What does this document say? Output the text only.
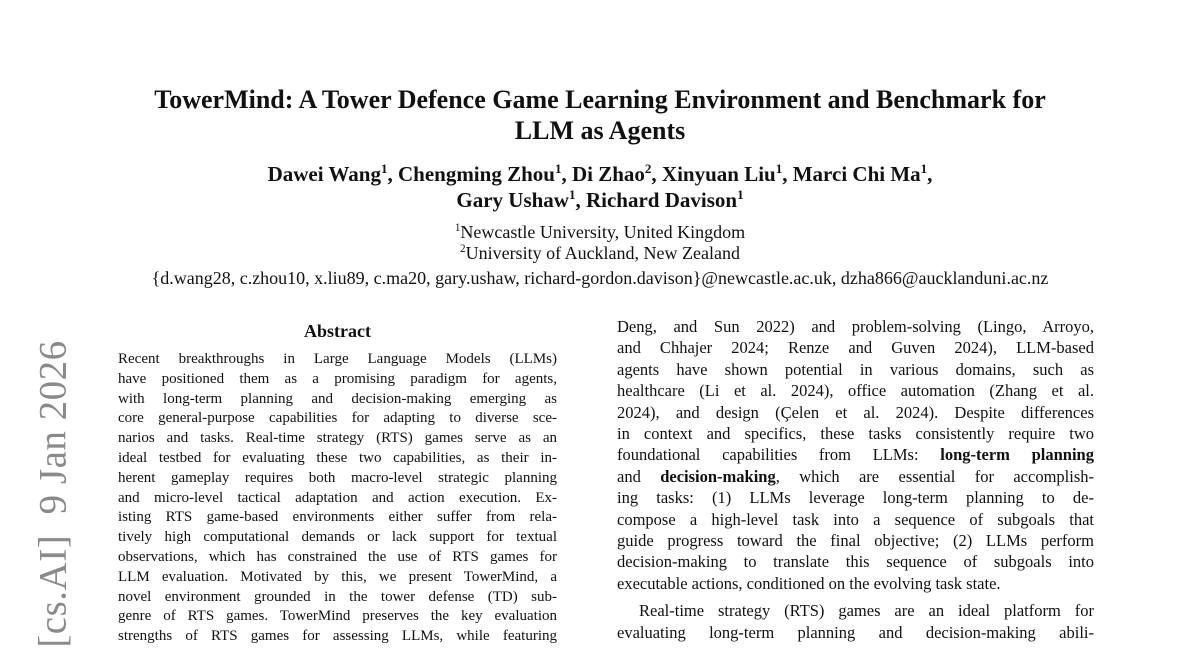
[cs.AI]  9 Jan 2026
TowerMind: A Tower Defence Game Learning Environment and Benchmark for
LLM as Agents
Dawei Wang$^1$, Chengming Zhou$^1$, Di Zhao$^2$, Xinyuan Liu$^1$, Marci Chi Ma$^1$,
Gary Ushaw$^1$, Richard Davison$^1$
$^1$Newcastle University, United Kingdom
$^2$University of Auckland, New Zealand
{d.wang28, c.zhou10, x.liu89, c.ma20, gary.ushaw, richard-gordon.davison}@newcastle.ac.uk, dzha866@aucklanduni.ac.nz
Abstract
Recent breakthroughs in Large Language Models (LLMs)
have positioned them as a promising paradigm for agents,
with long-term planning and decision-making emerging as
core general-purpose capabilities for adapting to diverse sce-
narios and tasks. Real-time strategy (RTS) games serve as an
ideal testbed for evaluating these two capabilities, as their in-
herent gameplay requires both macro-level strategic planning
and micro-level tactical adaptation and action execution. Ex-
isting RTS game-based environments either suffer from rela-
tively high computational demands or lack support for textual
observations, which has constrained the use of RTS games for
LLM evaluation. Motivated by this, we present TowerMind, a
novel environment grounded in the tower defense (TD) sub-
genre of RTS games. TowerMind preserves the key evaluation
strengths of RTS games for assessing LLMs, while featuring
Deng, and Sun 2022) and problem-solving (Lingo, Arroyo,
and Chhajer 2024; Renze and Guven 2024), LLM-based
agents have shown potential in various domains, such as
healthcare (Li et al. 2024), office automation (Zhang et al.
2024), and design (Çelen et al. 2024). Despite differences
in context and specifics, these tasks consistently require two
foundational capabilities from LLMs: long-term planning
and decision-making, which are essential for accomplish-
ing tasks: (1) LLMs leverage long-term planning to de-
compose a high-level task into a sequence of subgoals that
guide progress toward the final objective; (2) LLMs perform
decision-making to translate this sequence of subgoals into
executable actions, conditioned on the evolving task state.
Real-time strategy (RTS) games are an ideal platform for
evaluating long-term planning and decision-making abili-
